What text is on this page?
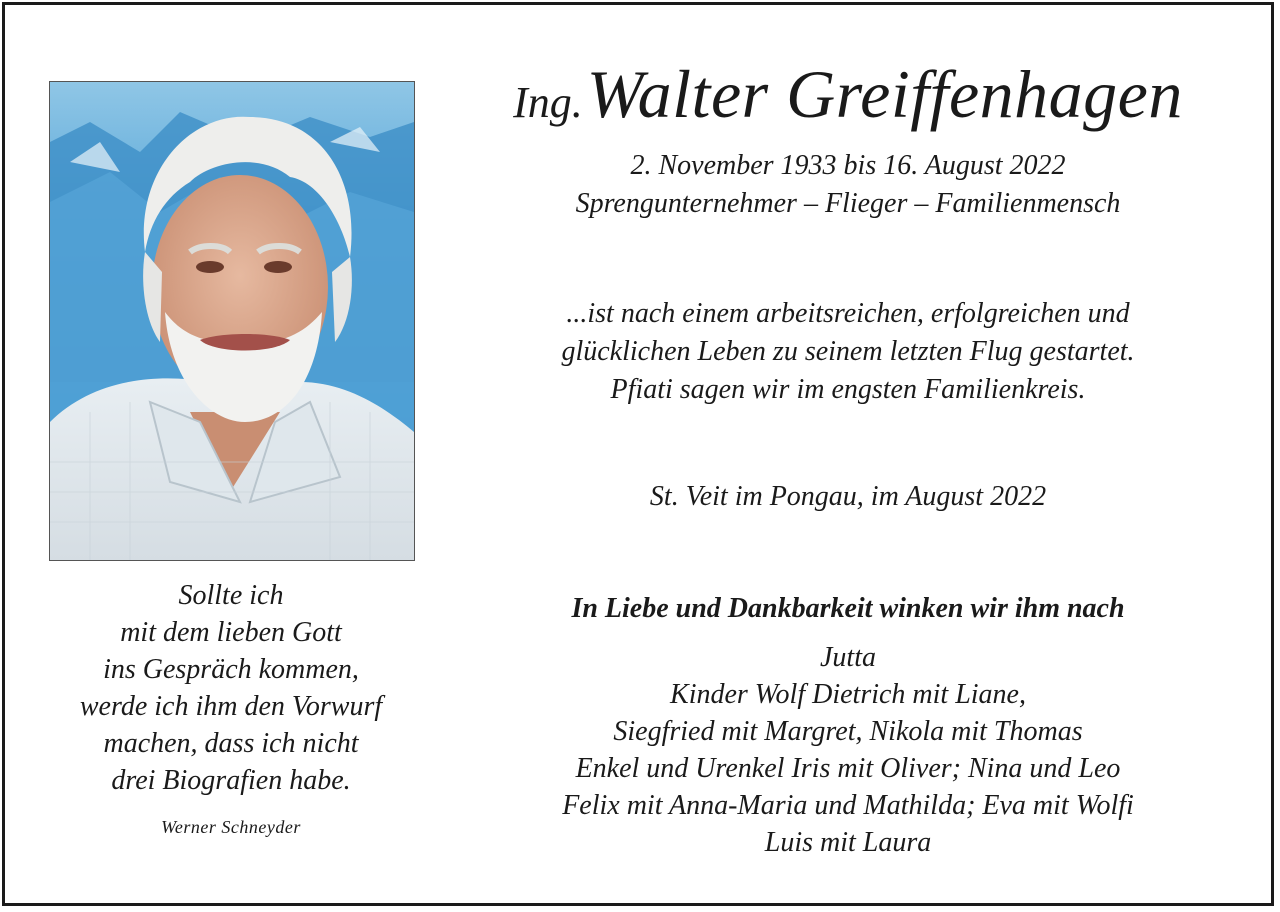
Ing. Walter Greiffenhagen
2. November 1933 bis 16. August 2022
Sprengunternehmer – Flieger – Familienmensch
...ist nach einem arbeitsreichen, erfolgreichen und
glücklichen Leben zu seinem letzten Flug gestartet.
Pfiati sagen wir im engsten Familienkreis.
St. Veit im Pongau, im August 2022
In Liebe und Dankbarkeit winken wir ihm nach
Jutta
Kinder Wolf Dietrich mit Liane,
Siegfried mit Margret, Nikola mit Thomas
Enkel und Urenkel Iris mit Oliver; Nina und Leo
Felix mit Anna-Maria und Mathilda; Eva mit Wolfi
Luis mit Laura
Sollte ich
mit dem lieben Gott
ins Gespräch kommen,
werde ich ihm den Vorwurf
machen, dass ich nicht
drei Biografien habe.
Werner Schneyder
